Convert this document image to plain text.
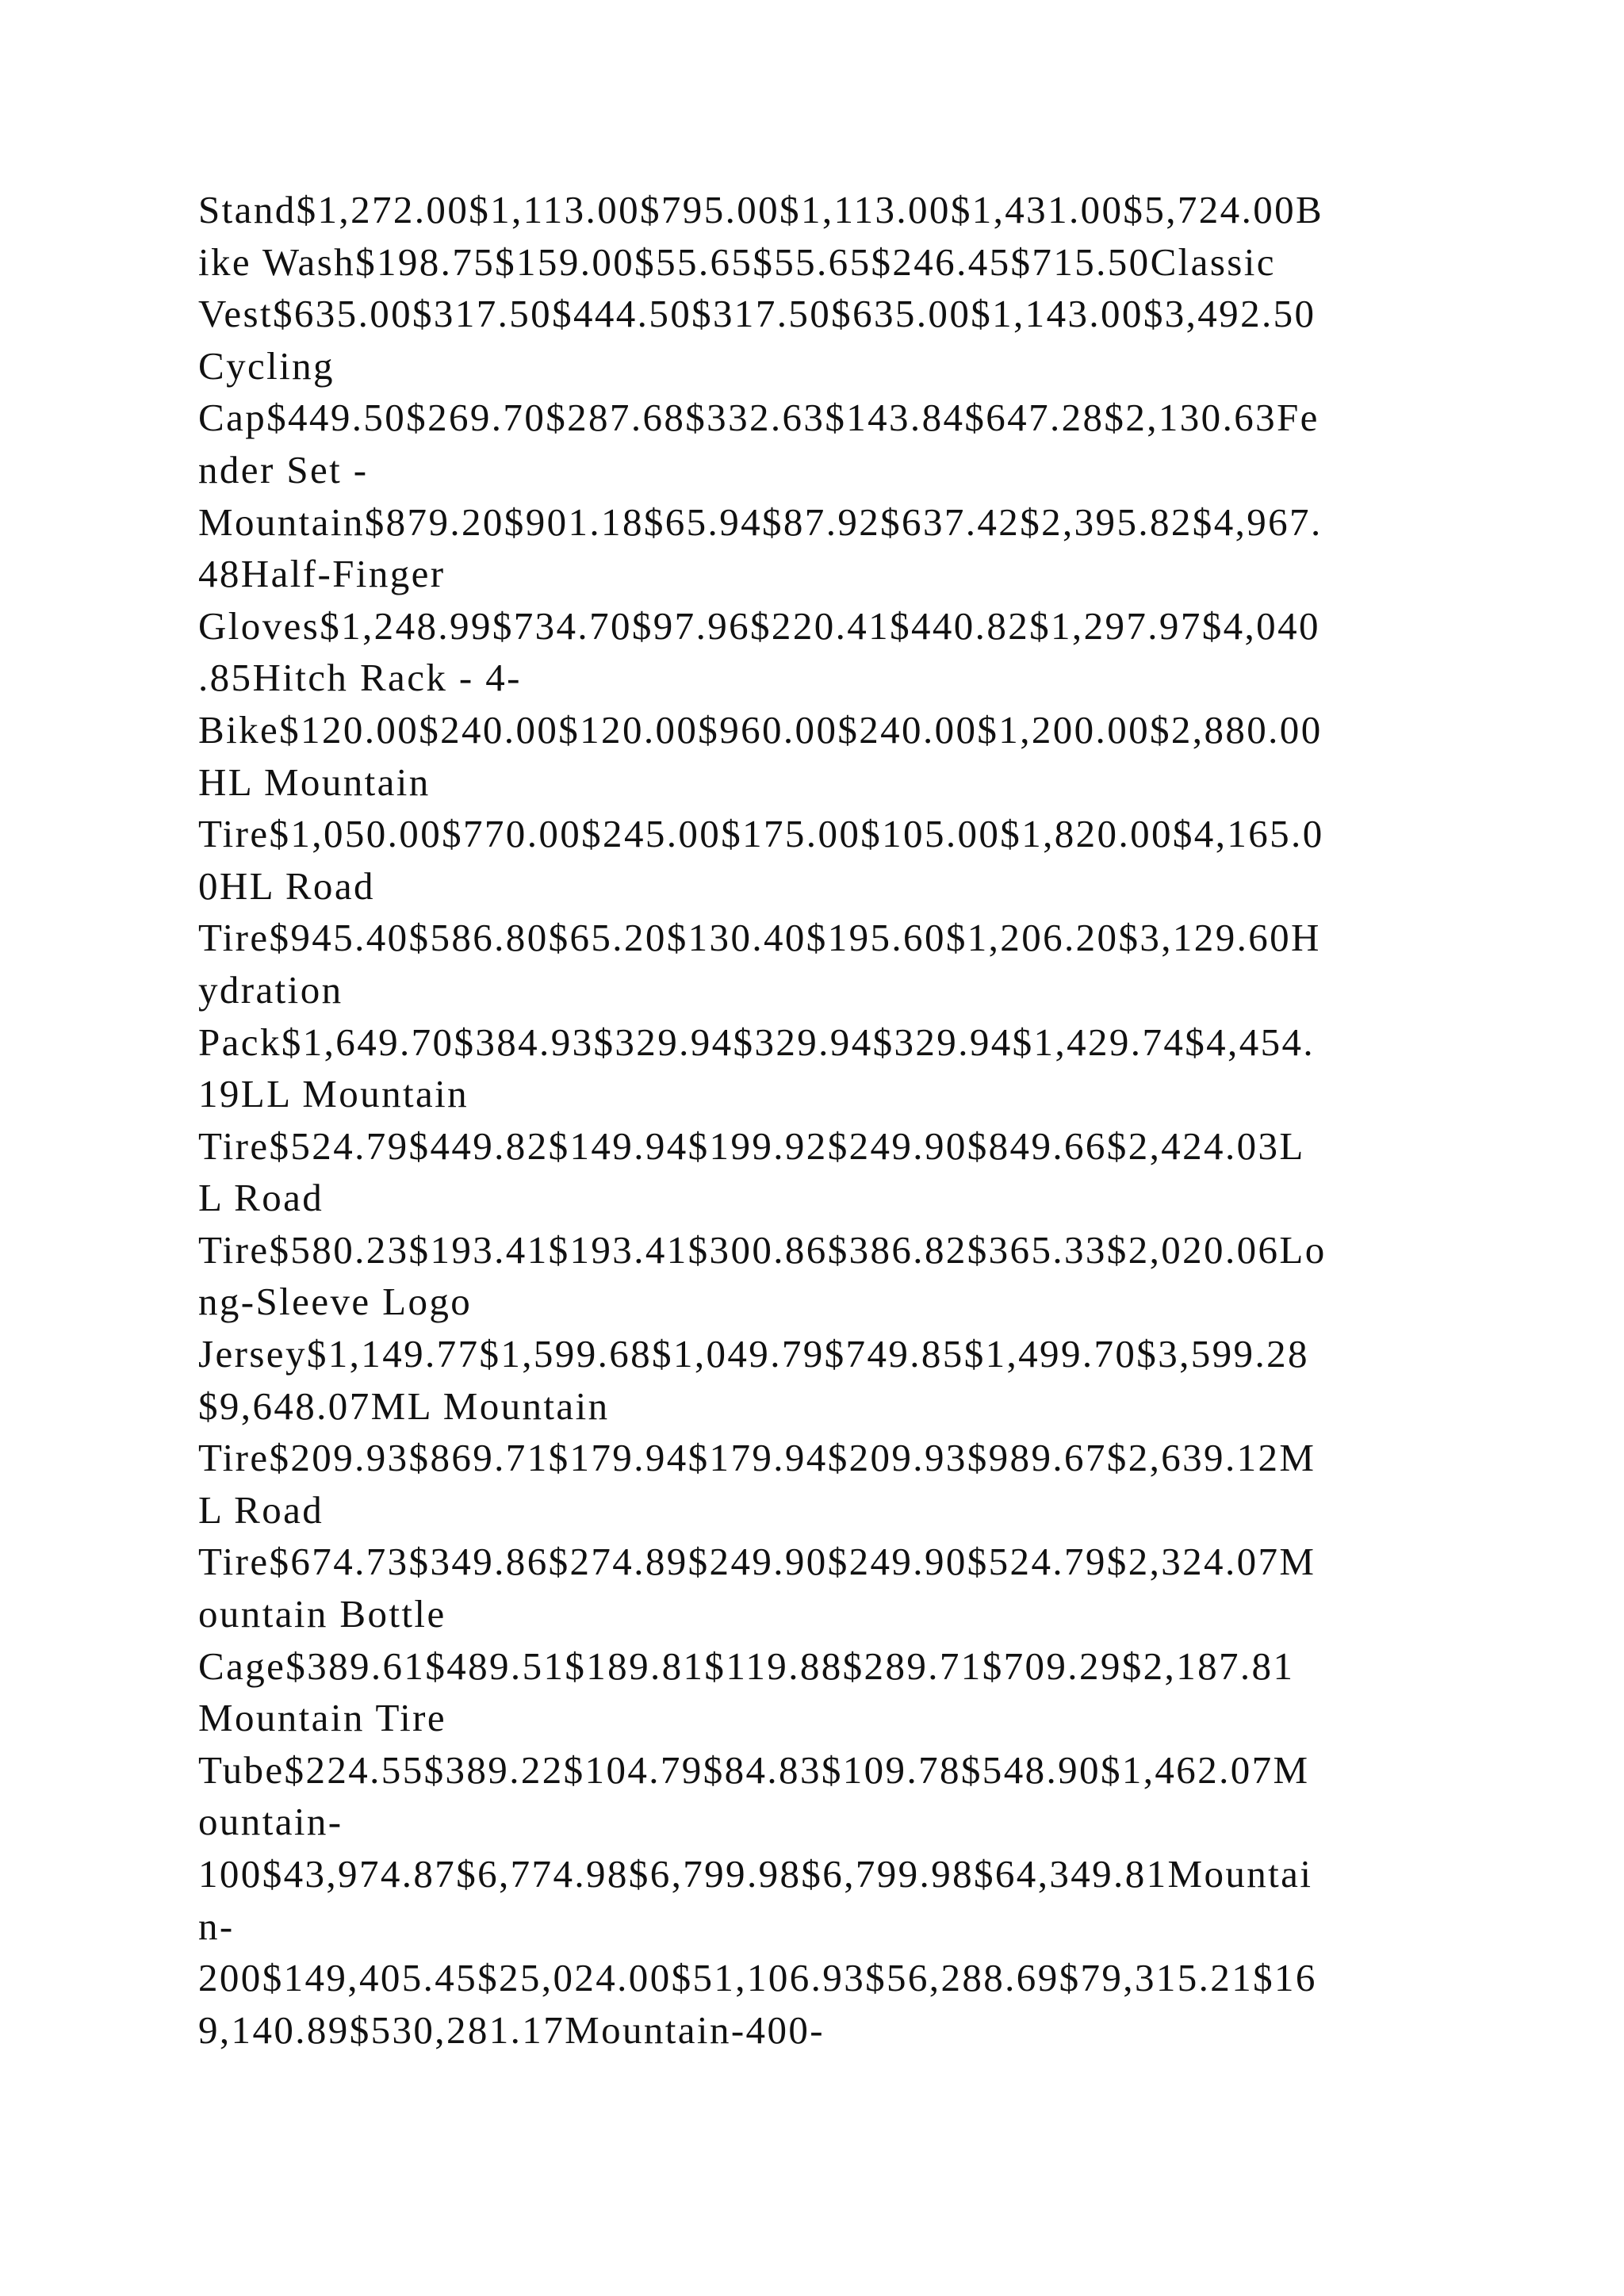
Stand$1,272.00$1,113.00$795.00$1,113.00$1,431.00$5,724.00B
ike Wash$198.75$159.00$55.65$55.65$246.45$715.50Classic
Vest$635.00$317.50$444.50$317.50$635.00$1,143.00$3,492.50
Cycling
Cap$449.50$269.70$287.68$332.63$143.84$647.28$2,130.63Fe
nder Set -
Mountain$879.20$901.18$65.94$87.92$637.42$2,395.82$4,967.
48Half-Finger
Gloves$1,248.99$734.70$97.96$220.41$440.82$1,297.97$4,040
.85Hitch Rack - 4-
Bike$120.00$240.00$120.00$960.00$240.00$1,200.00$2,880.00
HL Mountain
Tire$1,050.00$770.00$245.00$175.00$105.00$1,820.00$4,165.0
0HL Road
Tire$945.40$586.80$65.20$130.40$195.60$1,206.20$3,129.60H
ydration
Pack$1,649.70$384.93$329.94$329.94$329.94$1,429.74$4,454.
19LL Mountain
Tire$524.79$449.82$149.94$199.92$249.90$849.66$2,424.03L
L Road
Tire$580.23$193.41$193.41$300.86$386.82$365.33$2,020.06Lo
ng-Sleeve Logo
Jersey$1,149.77$1,599.68$1,049.79$749.85$1,499.70$3,599.28
$9,648.07ML Mountain
Tire$209.93$869.71$179.94$179.94$209.93$989.67$2,639.12M
L Road
Tire$674.73$349.86$274.89$249.90$249.90$524.79$2,324.07M
ountain Bottle
Cage$389.61$489.51$189.81$119.88$289.71$709.29$2,187.81
Mountain Tire
Tube$224.55$389.22$104.79$84.83$109.78$548.90$1,462.07M
ountain-
100$43,974.87$6,774.98$6,799.98$6,799.98$64,349.81Mountai
n-
200$149,405.45$25,024.00$51,106.93$56,288.69$79,315.21$16
9,140.89$530,281.17Mountain-400-
